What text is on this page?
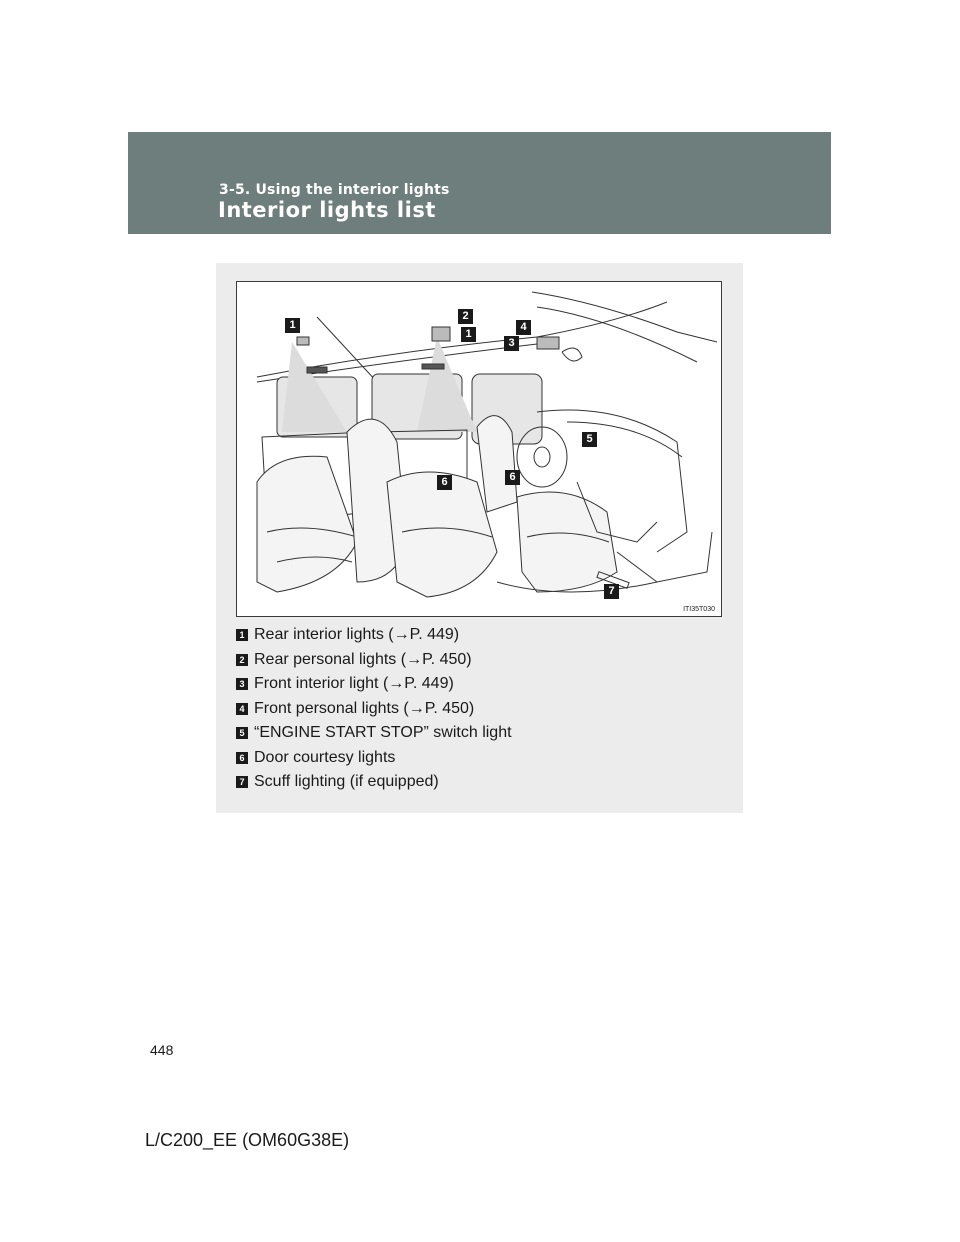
3-5. Using the interior lights
Interior lights list
1
2
1
4
3
5
6	6
7
ITI35T030
1 Rear interior lights (→P. 449)
2 Rear personal lights (→P. 450)
3 Front interior light (→P. 449)
4 Front personal lights (→P. 450)
5 “ENGINE START STOP” switch light
6 Door courtesy lights
7 Scuff lighting (if equipped)
448
L/C200_EE (OM60G38E)
